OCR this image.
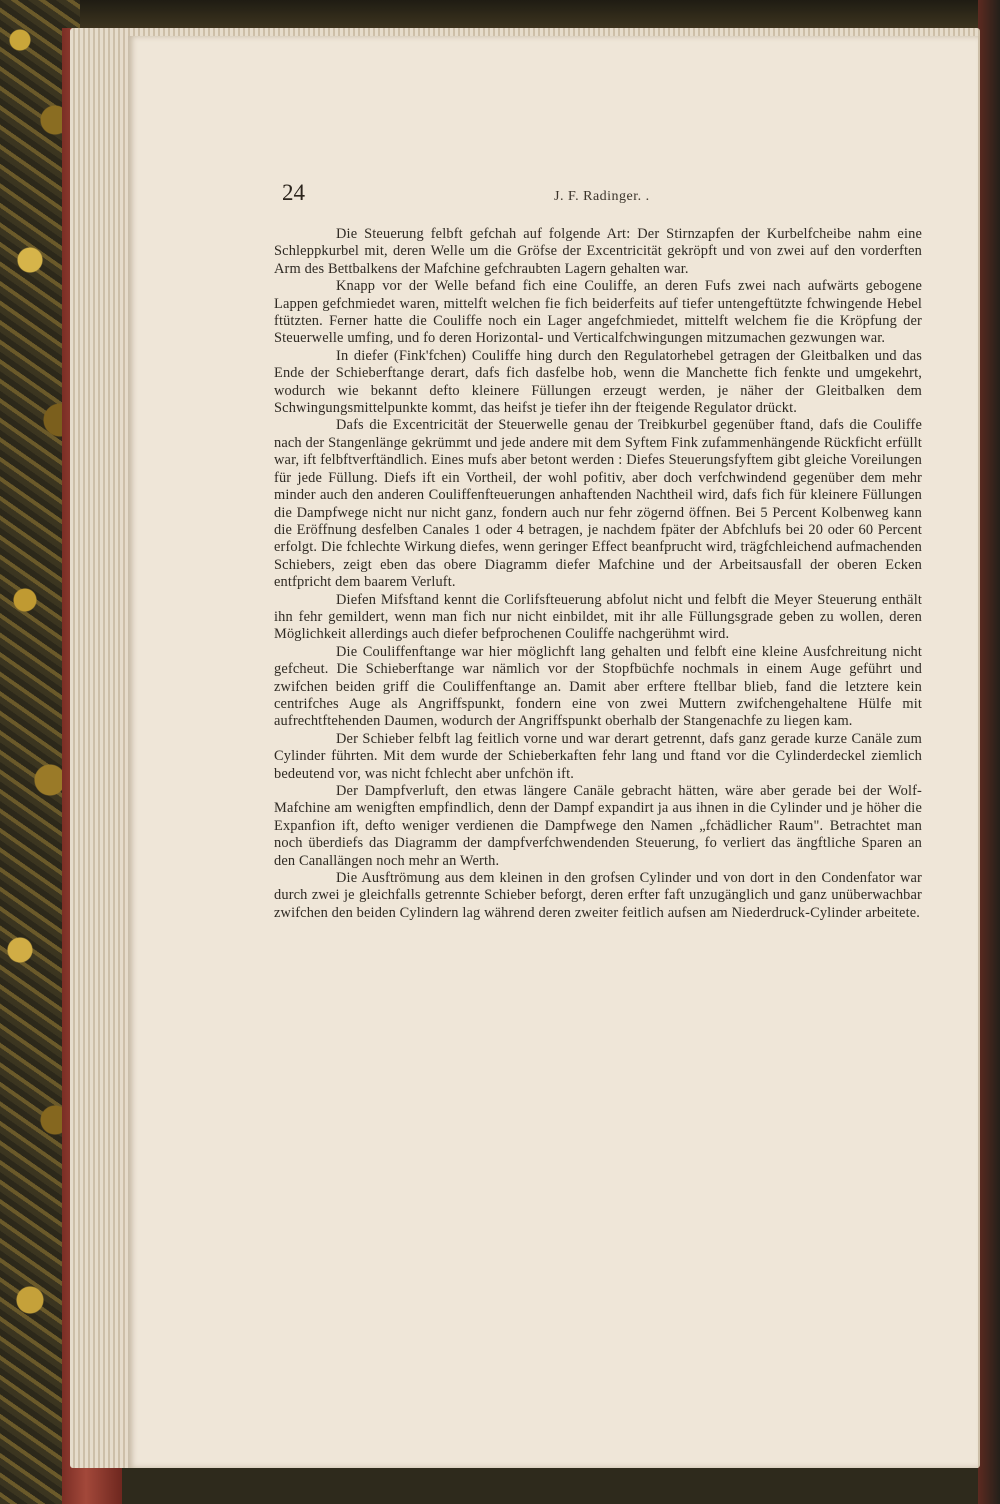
24	J. F. Radinger. .

Die Steuerung felbft gefchah auf folgende Art: Der Stirnzapfen der Kurbelfcheibe nahm eine Schleppkurbel mit, deren Welle um die Gröfse der Excentricität gekröpft und von zwei auf den vorderften Arm des Bettbalkens der Mafchine gefchraubten Lagern gehalten war.

Knapp vor der Welle befand fich eine Couliffe, an deren Fufs zwei nach aufwärts gebogene Lappen gefchmiedet waren, mittelft welchen fie fich beiderfeits auf tiefer untengeftützte fchwingende Hebel ftützten. Ferner hatte die Couliffe noch ein Lager angefchmiedet, mittelft welchem fie die Kröpfung der Steuerwelle umfing, und fo deren Horizontal- und Verticalfchwingungen mitzumachen gezwungen war.

In diefer (Fink'fchen) Couliffe hing durch den Regulatorhebel getragen der Gleitbalken und das Ende der Schieberftange derart, dafs fich dasfelbe hob, wenn die Manchette fich fenkte und umgekehrt, wodurch wie bekannt defto kleinere Füllungen erzeugt werden, je näher der Gleitbalken dem Schwingungsmittelpunkte kommt, das heifst je tiefer ihn der fteigende Regulator drückt.

Dafs die Excentricität der Steuerwelle genau der Treibkurbel gegenüber ftand, dafs die Couliffe nach der Stangenlänge gekrümmt und jede andere mit dem Syftem Fink zufammenhängende Rückficht erfüllt war, ift felbftverftändlich. Eines mufs aber betont werden : Diefes Steuerungsfyftem gibt gleiche Voreilungen für jede Füllung. Diefs ift ein Vortheil, der wohl pofitiv, aber doch verfchwindend gegenüber dem mehr minder auch den anderen Couliffenfteuerungen anhaftenden Nachtheil wird, dafs fich für kleinere Füllungen die Dampfwege nicht nur nicht ganz, fondern auch nur fehr zögernd öffnen. Bei 5 Percent Kolbenweg kann die Eröffnung desfelben Canales 1 oder 4 betragen, je nachdem fpäter der Abfchlufs bei 20 oder 60 Percent erfolgt. Die fchlechte Wirkung diefes, wenn geringer Effect beanfprucht wird, trägfchleichend aufmachenden Schiebers, zeigt eben das obere Diagramm diefer Mafchine und der Arbeitsausfall der oberen Ecken entfpricht dem baarem Verluft.

Diefen Mifsftand kennt die Corlifsfteuerung abfolut nicht und felbft die Meyer Steuerung enthält ihn fehr gemildert, wenn man fich nur nicht einbildet, mit ihr alle Füllungsgrade geben zu wollen, deren Möglichkeit allerdings auch diefer befprochenen Couliffe nachgerühmt wird.

Die Couliffenftange war hier möglichft lang gehalten und felbft eine kleine Ausfchreitung nicht gefcheut. Die Schieberftange war nämlich vor der Stopfbüchfe nochmals in einem Auge geführt und zwifchen beiden griff die Couliffenftange an. Damit aber erftere ftellbar blieb, fand die letztere kein centrifches Auge als Angriffspunkt, fondern eine von zwei Muttern zwifchengehaltene Hülfe mit aufrechtftehenden Daumen, wodurch der Angriffspunkt oberhalb der Stangenachfe zu liegen kam.

Der Schieber felbft lag feitlich vorne und war derart getrennt, dafs ganz gerade kurze Canäle zum Cylinder führten. Mit dem wurde der Schieberkaften fehr lang und ftand vor die Cylinderdeckel ziemlich bedeutend vor, was nicht fchlecht aber unfchön ift.

Der Dampfverluft, den etwas längere Canäle gebracht hätten, wäre aber gerade bei der Wolf-Mafchine am wenigften empfindlich, denn der Dampf expandirt ja aus ihnen in die Cylinder und je höher die Expanfion ift, defto weniger verdienen die Dampfwege den Namen „fchädlicher Raum". Betrachtet man noch überdiefs das Diagramm der dampfverfchwendenden Steuerung, fo verliert das ängftliche Sparen an den Canallängen noch mehr an Werth.

Die Ausftrömung aus dem kleinen in den grofsen Cylinder und von dort in den Condenfator war durch zwei je gleichfalls getrennte Schieber beforgt, deren erfter faft unzugänglich und ganz unüberwachbar zwifchen den beiden Cylindern lag während deren zweiter feitlich aufsen am Niederdruck-Cylinder arbeitete.
